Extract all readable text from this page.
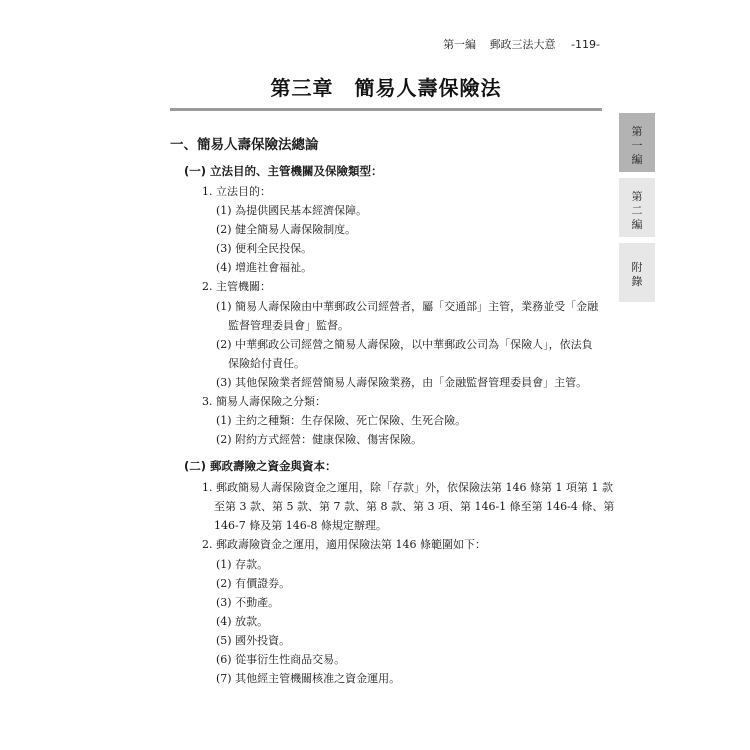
第一編 郵政三法大意 -119-
第三章　簡易人壽保險法
第一編
第二編
附錄
一、簡易人壽保險法總論
(一) 立法目的、主管機關及保險類型：
1. 立法目的：
(1) 為提供國民基本經濟保障。
(2) 健全簡易人壽保險制度。
(3) 便利全民投保。
(4) 增進社會福祉。
2. 主管機關：
(1) 簡易人壽保險由中華郵政公司經營者，屬「交通部」主管，業務並受「金融
監督管理委員會」監督。
(2) 中華郵政公司經營之簡易人壽保險，以中華郵政公司為「保險人」，依法負
保險給付責任。
(3) 其他保險業者經營簡易人壽保險業務，由「金融監督管理委員會」主管。
3. 簡易人壽保險之分類：
(1) 主約之種類：生存保險、死亡保險、生死合險。
(2) 附約方式經營：健康保險、傷害保險。
(二) 郵政壽險之資金與資本：
1. 郵政簡易人壽保險資金之運用，除「存款」外，依保險法第 146 條第 1 項第 1 款
至第 3 款、第 5 款、第 7 款、第 8 款、第 3 項、第 146-1 條至第 146-4 條、第
146-7 條及第 146-8 條規定辦理。
2. 郵政壽險資金之運用，適用保險法第 146 條範圍如下：
(1) 存款。
(2) 有價證券。
(3) 不動產。
(4) 放款。
(5) 國外投資。
(6) 從事衍生性商品交易。
(7) 其他經主管機關核准之資金運用。
